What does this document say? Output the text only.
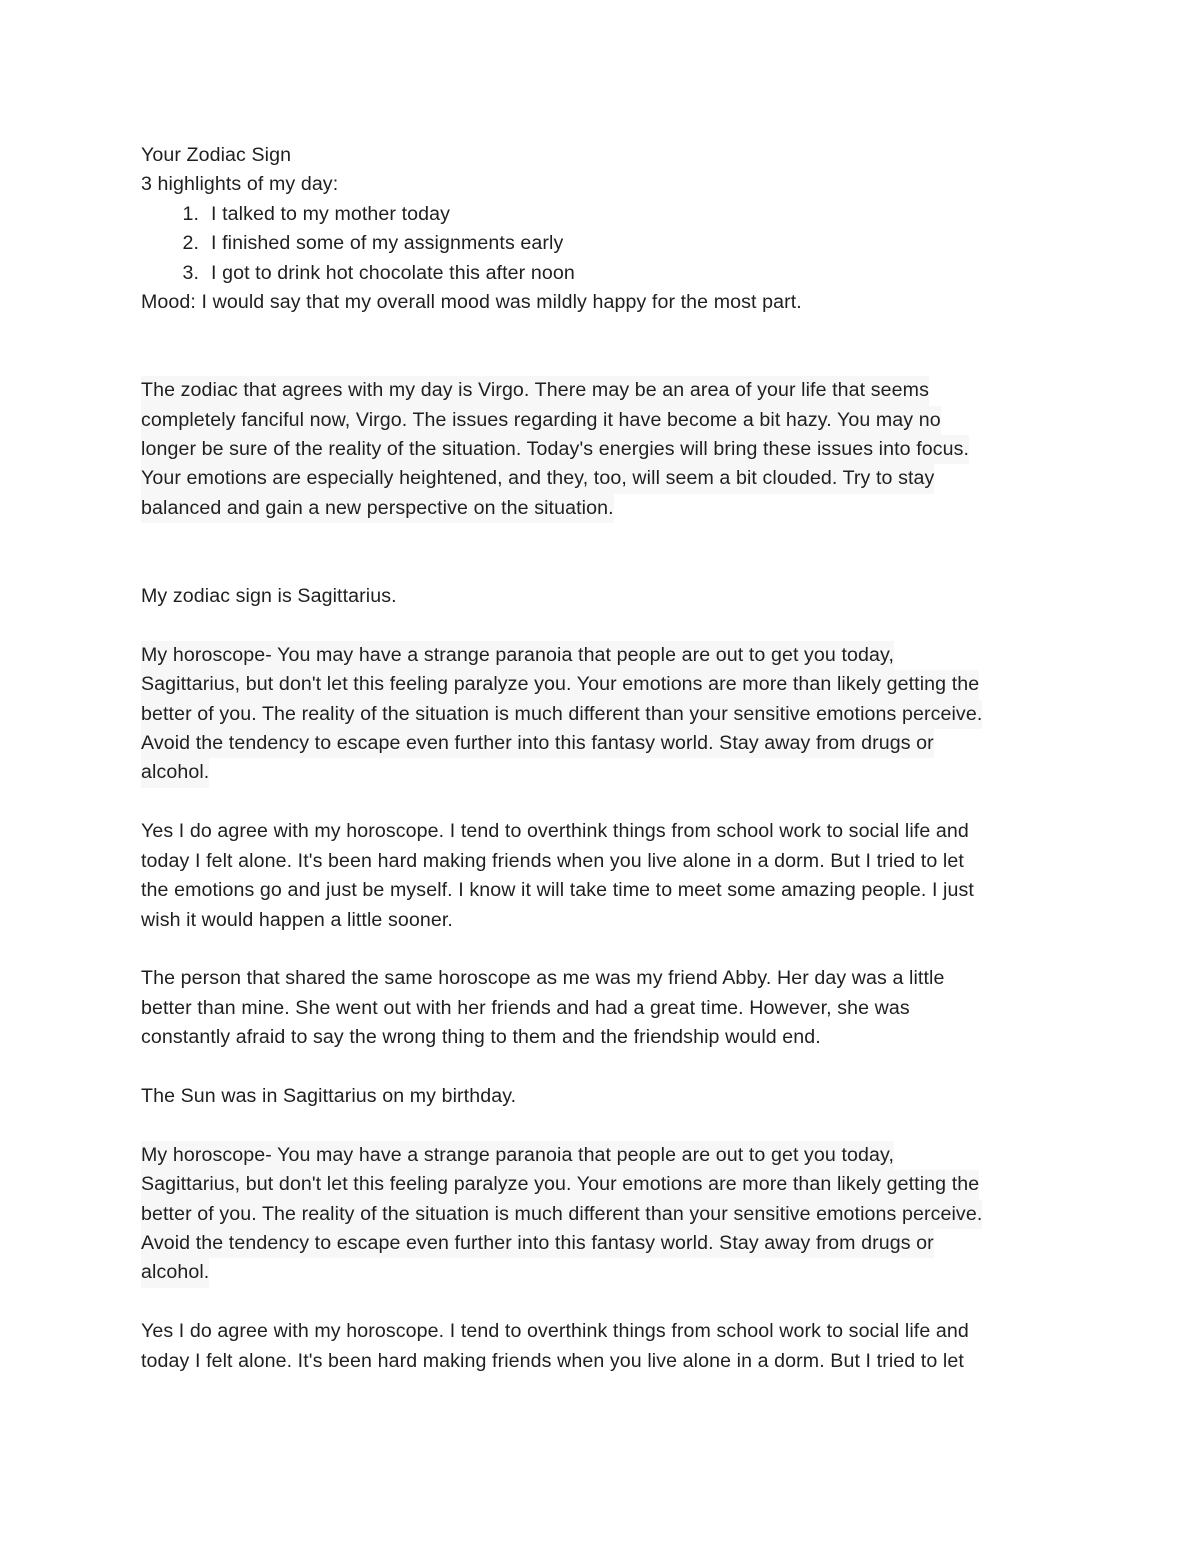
Your Zodiac Sign
3 highlights of my day:
1. I talked to my mother today
2. I finished some of my assignments early
3. I got to drink hot chocolate this after noon
Mood: I would say that my overall mood was mildly happy for the most part.
The zodiac that agrees with my day is Virgo. There may be an area of your life that seems
completely fanciful now, Virgo. The issues regarding it have become a bit hazy. You may no
longer be sure of the reality of the situation. Today's energies will bring these issues into focus.
Your emotions are especially heightened, and they, too, will seem a bit clouded. Try to stay
balanced and gain a new perspective on the situation.

My zodiac sign is Sagittarius.
My horoscope- You may have a strange paranoia that people are out to get you today,
Sagittarius, but don't let this feeling paralyze you. Your emotions are more than likely getting the
better of you. The reality of the situation is much different than your sensitive emotions perceive.
Avoid the tendency to escape even further into this fantasy world. Stay away from drugs or
alcohol.

Yes I do agree with my horoscope. I tend to overthink things from school work to social life and
today I felt alone. It's been hard making friends when you live alone in a dorm. But I tried to let
the emotions go and just be myself. I know it will take time to meet some amazing people. I just
wish it would happen a little sooner.
The person that shared the same horoscope as me was my friend Abby. Her day was a little
better than mine. She went out with her friends and had a great time. However, she was
constantly afraid to say the wrong thing to them and the friendship would end.
The Sun was in Sagittarius on my birthday.
My horoscope- You may have a strange paranoia that people are out to get you today,
Sagittarius, but don't let this feeling paralyze you. Your emotions are more than likely getting the
better of you. The reality of the situation is much different than your sensitive emotions perceive.
Avoid the tendency to escape even further into this fantasy world. Stay away from drugs or
alcohol.

Yes I do agree with my horoscope. I tend to overthink things from school work to social life and
today I felt alone. It's been hard making friends when you live alone in a dorm. But I tried to let
